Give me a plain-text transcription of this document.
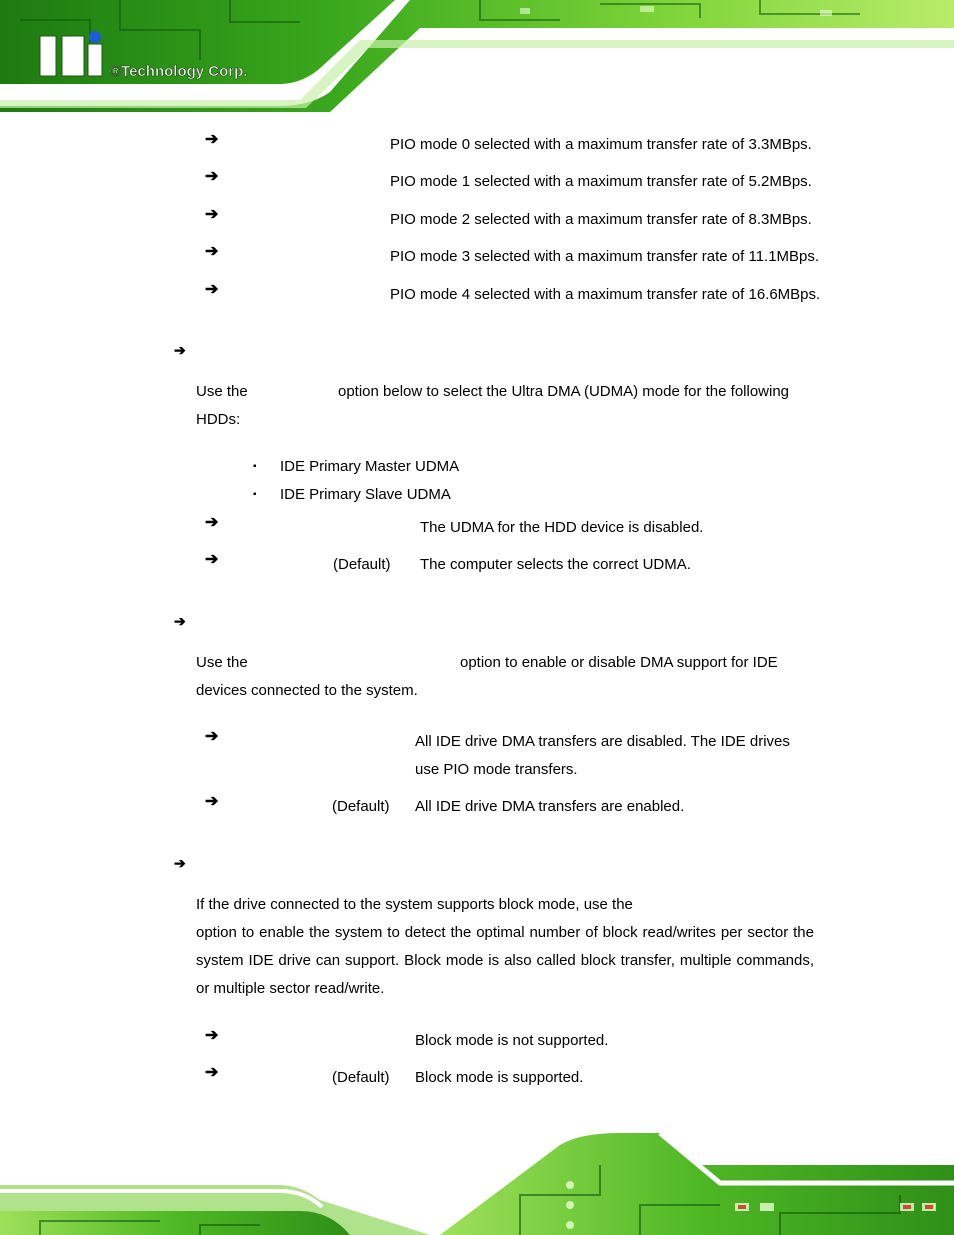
®Technology Corp.
➔	PIO mode 0 selected with a maximum transfer rate of 3.3MBps.
➔	PIO mode 1 selected with a maximum transfer rate of 5.2MBps.
➔	PIO mode 2 selected with a maximum transfer rate of 8.3MBps.
➔	PIO mode 3 selected with a maximum transfer rate of 11.1MBps.
➔	PIO mode 4 selected with a maximum transfer rate of 16.6MBps.
➔
Use the	option below to select the Ultra DMA (UDMA) mode for the following
HDDs:
▪ IDE Primary Master UDMA
▪ IDE Primary Slave UDMA
➔	The UDMA for the HDD device is disabled.
➔	(Default) The computer selects the correct UDMA.
➔
Use the	option to enable or disable DMA support for IDE
devices connected to the system.
➔	All IDE drive DMA transfers are disabled. The IDE drives
use PIO mode transfers.
➔	(Default) All IDE drive DMA transfers are enabled.
➔
If the drive connected to the system supports block mode, use the
option to enable the system to detect the optimal number of block read/writes per sector the system IDE drive can support. Block mode is also called block transfer, multiple commands, or multiple sector read/write.
➔	Block mode is not supported.
➔	(Default) Block mode is supported.
